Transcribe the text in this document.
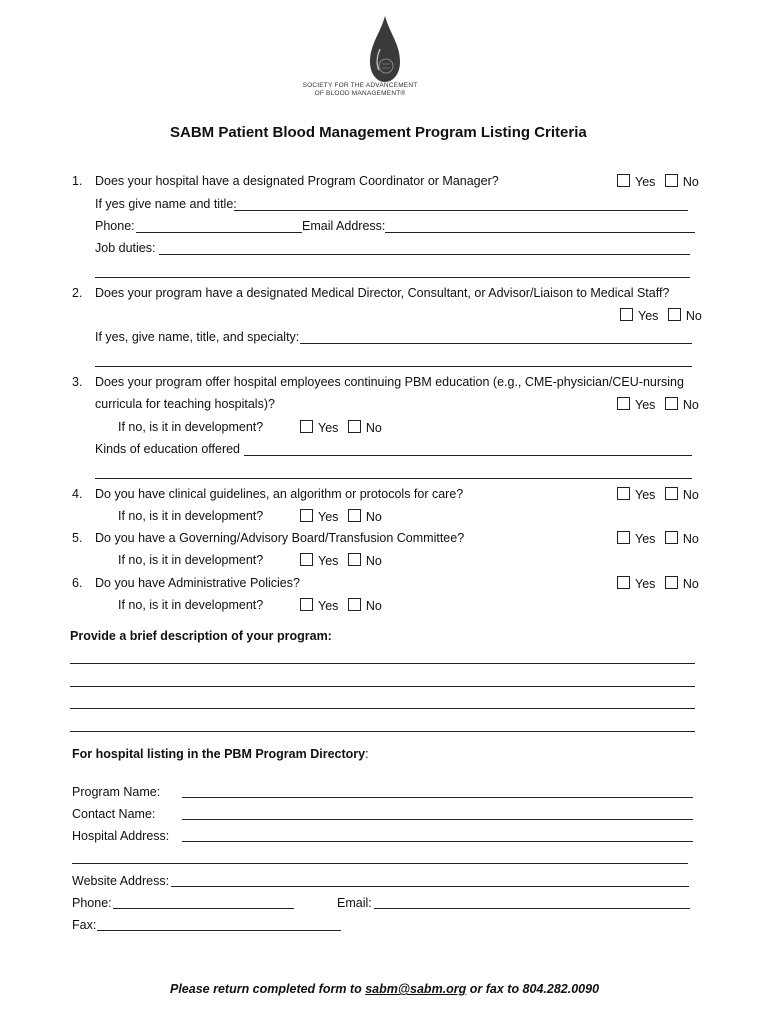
SOCIETY FOR THE ADVANCEMENT
OF BLOOD MANAGEMENT®
SABM Patient Blood Management Program Listing Criteria
1. Does your hospital have a designated Program Coordinator or Manager?	Yes No
If yes give name and title:
Phone:	Email Address:
Job duties:
2. Does your program have a designated Medical Director, Consultant, or Advisor/Liaison to Medical Staff?
Yes No
If yes, give name, title, and specialty:
3. Does your program offer hospital employees continuing PBM education (e.g., CME-physician/CEU-nursing
curricula for teaching hospitals)?	Yes No
If no, is it in development?	Yes No
Kinds of education offered
4. Do you have clinical guidelines, an algorithm or protocols for care?	Yes No
If no, is it in development?	Yes No
5. Do you have a Governing/Advisory Board/Transfusion Committee?	Yes No
If no, is it in development?	Yes No
6. Do you have Administrative Policies?	Yes No
If no, is it in development?	Yes No
Provide a brief description of your program:
For hospital listing in the PBM Program Directory:
Program Name:
Contact Name:
Hospital Address:
Website Address:
Phone:	Email:
Fax:
Please return completed form to sabm@sabm.org or fax to 804.282.0090
